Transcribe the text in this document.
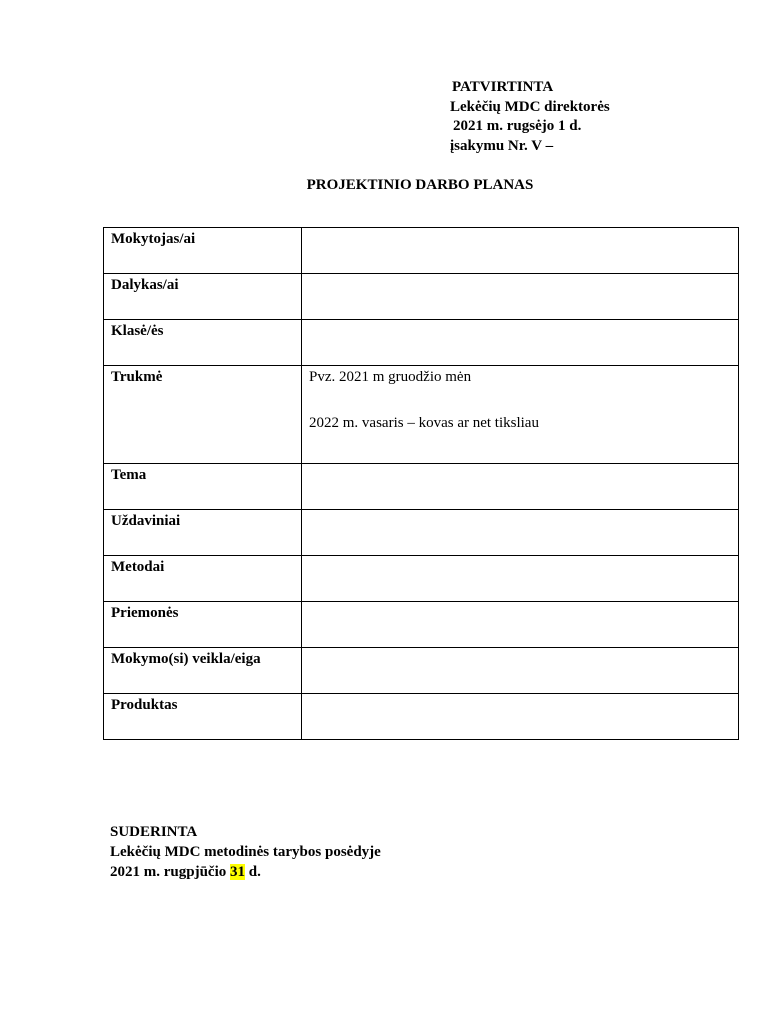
PATVIRTINTA
Lekėčių MDC direktorės
2021 m. rugsėjo 1 d.
įsakymu Nr. V –
PROJEKTINIO DARBO PLANAS
Mokytojas/ai	
Dalykas/ai	
Klasė/ės	
Trukmė	Pvz. 2021 m gruodžio mėn

2022 m. vasaris – kovas ar net tiksliau

Tema	
Uždaviniai	
Metodai	
Priemonės	
Mokymo(si) veikla/eiga	
Produktas	
SUDERINTA
Lekėčių MDC metodinės tarybos posėdyje
2021 m. rugpjūčio 31 d.
